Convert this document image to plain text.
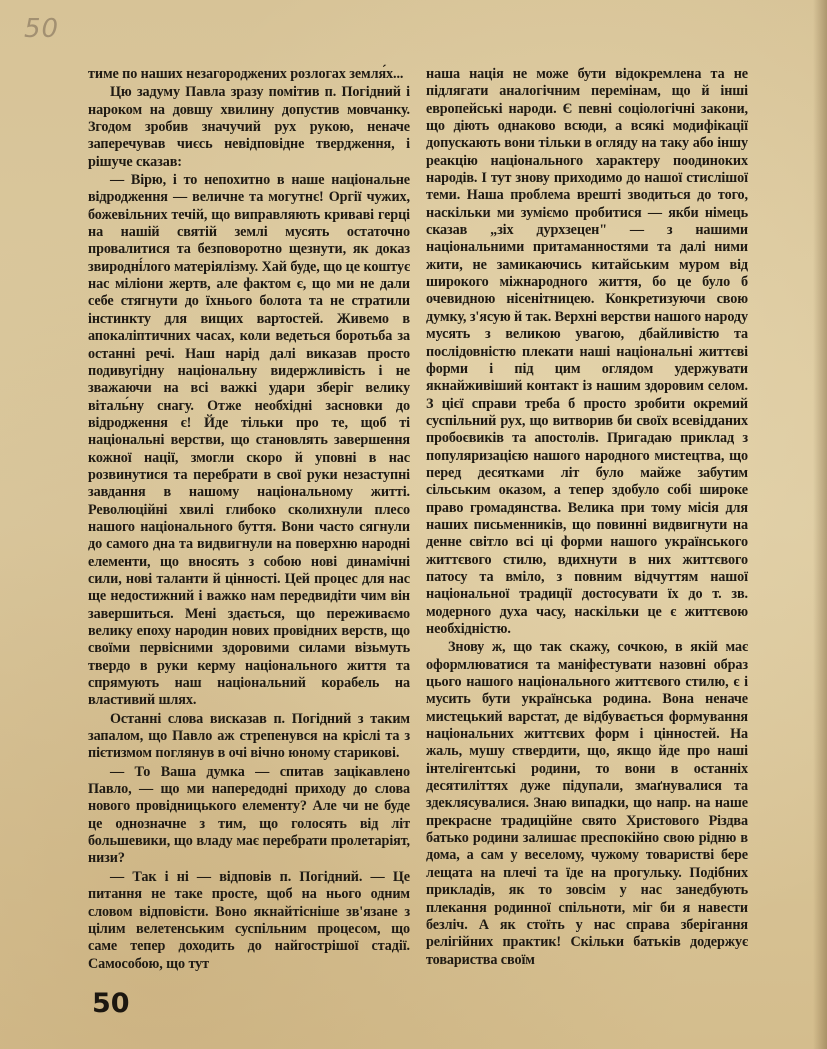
50

тиме по наших незагороджених розлогах земля́х...

Цю задуму Павла зразу помітив п. Погідний і нароком на довшу хвилину допустив мовчанку. Згодом зробив значучий рух рукою, неначе заперечував чиєсь невідповідне твердження, і рішуче сказав:

— Вірю, і то непохитно в наше національне відродження — величне та могутнє! Оргії чужих, божевільних течій, що виправляють криваві герці на нашій святій землі мусять остаточно провалитися та безповоротно щезнути, як доказ звиродні́лого матеріялізму. Хай буде, що це коштує нас міліони жертв, але фактом є, що ми не дали себе стягнути до їхнього болота та не стратили інстинкту для вищих вартостей. Живемо в апокаліптичних часах, коли ведеться боротьба за останні речі. Наш нарід далі виказав просто подивугідну національну видержливість і не зважаючи на всі важкі удари зберіг велику віталь́ну снагу. Отже необхідні засновки до відродження є! Йде тільки про те, щоб ті національні верстви, що становлять завершення кожної нації, змогли скоро й уповні в нас розвинутися та перебрати в свої руки незаступні завдання в нашому національному житті. Революційні хвилі глибоко сколихнули плесо нашого національного буття. Вони часто сягнули до самого дна та видвигнули на поверхню народні елементи, що вносять з собою нові динамічні сили, нові таланти й цінності. Цей процес для нас ще недостижний і важко нам передвидіти чим він завершиться. Мені здається, що переживаємо велику епоху народин нових провідних верств, що своїми первісними здоровими силами візьмуть твердо в руки керму національного життя та спрямують наш національний корабель на властивий шлях.

Останні слова висказав п. Погідний з таким запалом, що Павло аж стрепенувся на кріслі та з пієтизмом поглянув в очі вічно юному старикові.

— То Ваша думка — спитав зацікавлено Павло, — що ми напередодні приходу до слова нового провідницького елементу? Але чи не буде це однозначне з тим, що голосять від літ большевики, що владу має перебрати пролетаріят, низи?

— Так і ні — відповів п. Погідний. — Це питання не таке просте, щоб на нього одним словом відповісти. Воно якнайтісніше зв'язане з цілим велетенським суспільним процесом, що саме тепер доходить до найгострішої стадії. Самособою, що тут

наша нація не може бути відокремлена та не підлягати аналогічним перемінам, що й інші европейські народи. Є певні соціологічні закони, що діють однаково всюди, а всякі модифікації допускають вони тільки в огляду на таку або іншу реакцію національного характеру поодиноких народів. І тут знову приходимо до нашої стислішої теми. Наша проблема врешті зводиться до того, наскільки ми зуміємо пробитися — якби німець сказав „зіх дурхзецен" — з нашими національними притаманностями та далі ними жити, не замикаючись китайським муром від широкого міжнародного життя, бо це було б очевидною нісенітницею. Конкретизуючи свою думку, з'ясую й так. Верхні верстви нашого народу мусять з великою увагою, дбайливістю та послідовністю плекати наші національні життєві форми і під цим оглядом удержувати якнайживіший контакт із нашим здоровим селом. З цієї справи треба б просто зробити окремий суспільний рух, що витворив би своїх всевідданих пробоєвиків та апостолів. Пригадаю приклад з популяризацією нашого народного мистецтва, що перед десятками літ було майже забутим сільським оказом, а тепер здобуло собі широке право громадянства. Велика при тому місія для наших письменників, що повинні видвигнути на денне світло всі ці форми нашого українського життєвого стилю, вдихнути в них життєвого патосу та вміло, з повним відчуттям нашої національної традиції достосувати їх до т. зв. модерного духа часу, наскільки це є життєвою необхідністю.

Знову ж, що так скажу, сочкою, в якій має оформлюватися та маніфестувати назовні образ цього нашого національного життєвого стилю, є і мусить бути українська родина. Вона неначе мистецький варстат, де відбувається формування національних життєвих форм і цінностей. На жаль, мушу ствердити, що, якщо йде про наші інтелігентські родини, то вони в останніх десятиліттях дуже підупали, змаґнувалися та здеклясувалися. Знаю випадки, що напр. на наше прекрасне традиційне свято Христового Різдва батько родини залишає преспокійно свою рідню в дома, а сам у веселому, чужому товаристві бере лещата на плечі та їде на прогульку. Подібних прикладів, як то зовсім у нас занедбують плекання родинної спільноти, міг би я навести безліч. А як стоїть у нас справа зберігання релігійних практик! Скільки батьків додержує товариства своїм

50
